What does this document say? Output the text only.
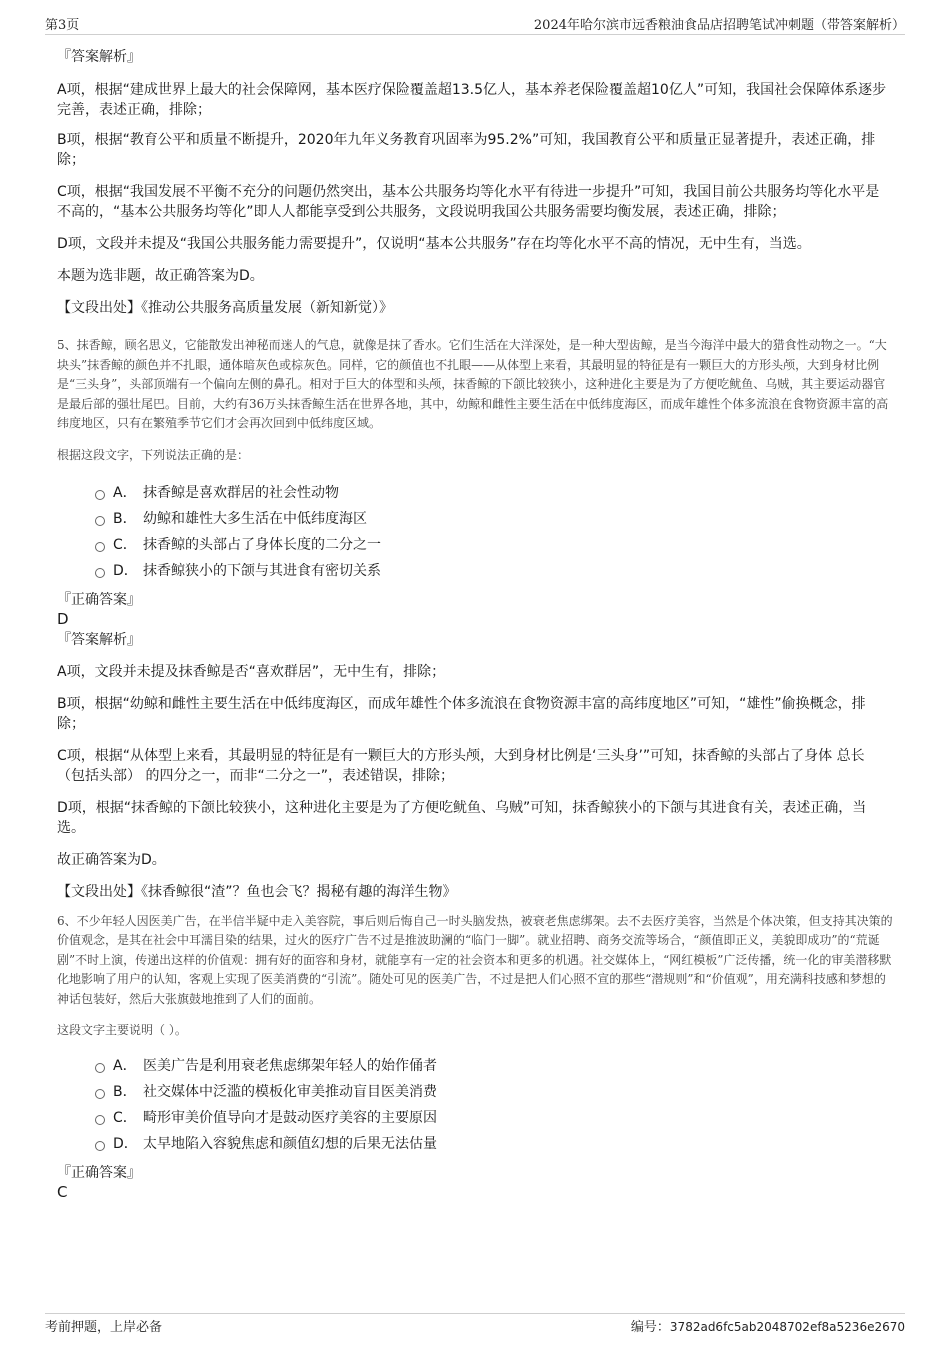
第3页	2024年哈尔滨市远香粮油食品店招聘笔试冲刺题（带答案解析）

『答案解析』

A项，根据“建成世界上最大的社会保障网，基本医疗保险覆盖超13.5亿人，基本养老保险覆盖超10亿人”可知，我国社会保障体系逐步完善，表述正确，排除；

B项，根据“教育公平和质量不断提升，2020年九年义务教育巩固率为95.2%”可知，我国教育公平和质量正显著提升，表述正确，排除；

C项，根据“我国发展不平衡不充分的问题仍然突出，基本公共服务均等化水平有待进一步提升”可知，我国目前公共服务均等化水平是不高的，“基本公共服务均等化”即人人都能享受到公共服务，文段说明我国公共服务需要均衡发展，表述正确，排除；

D项，文段并未提及“我国公共服务能力需要提升”，仅说明“基本公共服务”存在均等化水平不高的情况，无中生有，当选。

本题为选非题，故正确答案为D。

【文段出处】《推动公共服务高质量发展（新知新觉）》

5、抹香鲸，顾名思义，它能散发出神秘而迷人的气息，就像是抹了香水。它们生活在大洋深处，是一种大型齿鲸，是当今海洋中最大的猎食性动物之一。“大块头”抹香鲸的颜色并不扎眼，通体暗灰色或棕灰色。同样，它的颜值也不扎眼——从体型上来看，其最明显的特征是有一颗巨大的方形头颅，大到身材比例是“三头身”，头部顶端有一个偏向左侧的鼻孔。相对于巨大的体型和头颅，抹香鲸的下颌比较狭小，这种进化主要是为了方便吃鱿鱼、乌贼，其主要运动器官是最后部的强壮尾巴。目前，大约有36万头抹香鲸生活在世界各地，其中，幼鲸和雌性主要生活在中低纬度海区，而成年雄性个体多流浪在食物资源丰富的高纬度地区，只有在繁殖季节它们才会再次回到中低纬度区域。

根据这段文字，下列说法正确的是：

A． 抹香鲸是喜欢群居的社会性动物
B． 幼鲸和雄性大多生活在中低纬度海区
C． 抹香鲸的头部占了身体长度的二分之一
D． 抹香鲸狭小的下颌与其进食有密切关系

『正确答案』

D

『答案解析』

A项，文段并未提及抹香鲸是否“喜欢群居”，无中生有，排除；

B项，根据“幼鲸和雌性主要生活在中低纬度海区，而成年雄性个体多流浪在食物资源丰富的高纬度地区”可知，“雄性”偷换概念，排除；

C项，根据“从体型上来看，其最明显的特征是有一颗巨大的方形头颅，大到身材比例是‘三头身’”可知，抹香鲸的头部占了身体 总长（包括头部） 的四分之一，而非“二分之一”，表述错误，排除；

D项，根据“抹香鲸的下颌比较狭小，这种进化主要是为了方便吃鱿鱼、乌贼”可知，抹香鲸狭小的下颌与其进食有关，表述正确，当选。

故正确答案为D。

【文段出处】《抹香鲸很“渣”？鱼也会飞？揭秘有趣的海洋生物》

6、不少年轻人因医美广告，在半信半疑中走入美容院，事后则后悔自己一时头脑发热，被衰老焦虑绑架。去不去医疗美容，当然是个体决策，但支持其决策的价值观念，是其在社会中耳濡目染的结果，过火的医疗广告不过是推波助澜的“临门一脚”。就业招聘、商务交流等场合，“颜值即正义，美貌即成功”的“荒诞剧”不时上演，传递出这样的价值观：拥有好的面容和身材，就能享有一定的社会资本和更多的机遇。社交媒体上，“网红模板”广泛传播，统一化的审美潜移默化地影响了用户的认知，客观上实现了医美消费的“引流”。随处可见的医美广告，不过是把人们心照不宣的那些“潜规则”和“价值观”，用充满科技感和梦想的神话包装好，然后大张旗鼓地推到了人们的面前。

这段文字主要说明（ ）。

A． 医美广告是利用衰老焦虑绑架年轻人的始作俑者
B． 社交媒体中泛滥的模板化审美推动盲目医美消费
C． 畸形审美价值导向才是鼓动医疗美容的主要原因
D． 太早地陷入容貌焦虑和颜值幻想的后果无法估量

『正确答案』

C

考前押题，上岸必备	编号：3782ad6fc5ab2048702ef8a5236e2670
